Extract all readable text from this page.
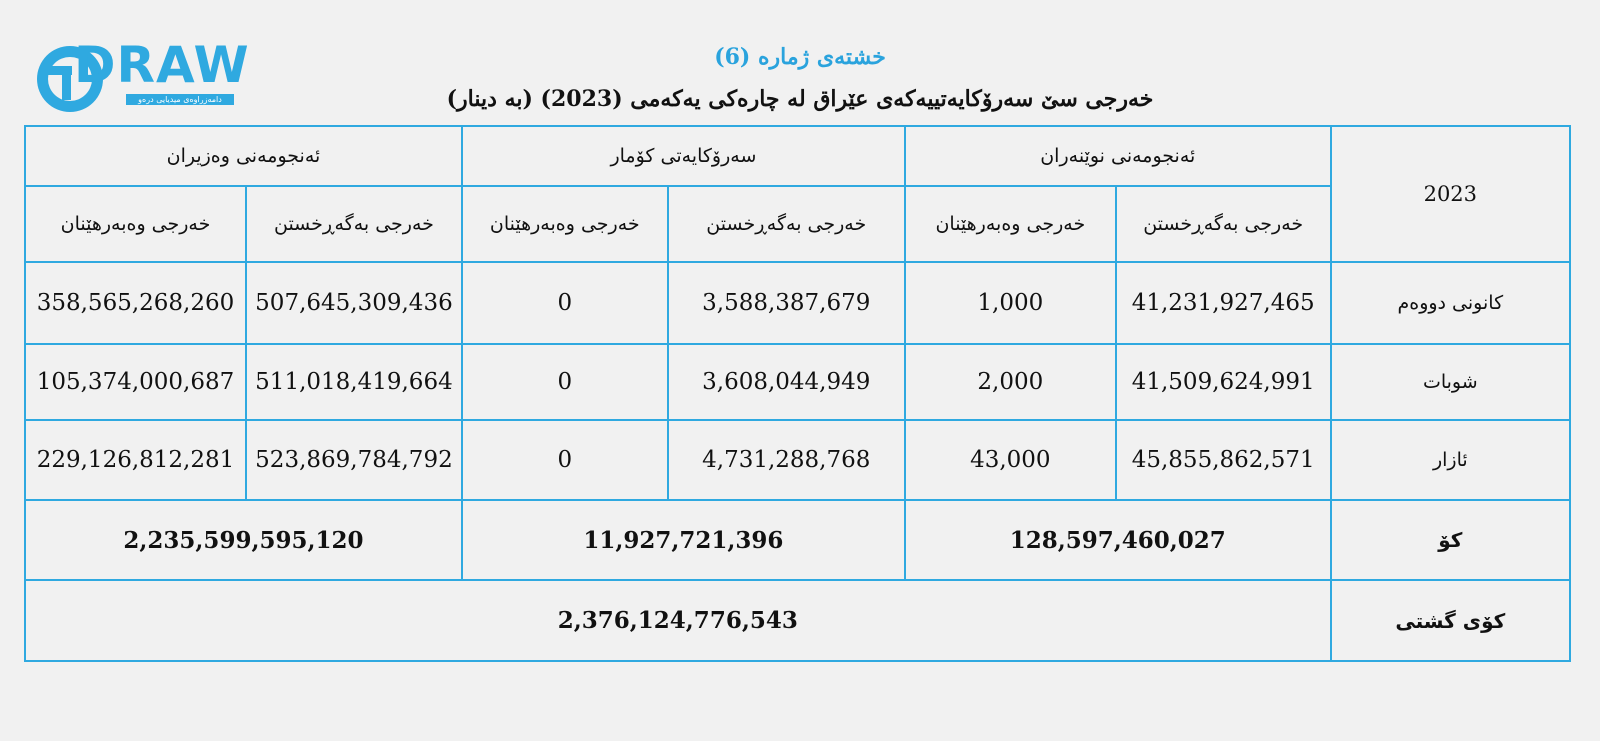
DRAW
دامەزراوەی میدیایی درەو
خشتەی ژمارە (6)
خەرجی سێ سەرۆکایەتییەکەی عێراق لە چارەکی یەکەمی (2023) (بە دینار)
ئەنجومەنی وەزیران		سەرۆکایەتی کۆمار		ئەنجومەنی نوێنەران		2023
خەرجی وەبەرهێنان	خەرجی بەگەڕخستن	خەرجی وەبەرهێنان	خەرجی بەگەڕخستن	خەرجی وەبەرهێنان	خەرجی بەگەڕخستن	
358,565,268,260	507,645,309,436	0	3,588,387,679	1,000	41,231,927,465	کانونی دووەم
105,374,000,687	511,018,419,664	0	3,608,044,949	2,000	41,509,624,991	شوبات
229,126,812,281	523,869,784,792	0	4,731,288,768	43,000	45,855,862,571	ئازار
2,235,599,595,120		11,927,721,396		128,597,460,027		کۆ
2,376,124,776,543						کۆی گشتی
